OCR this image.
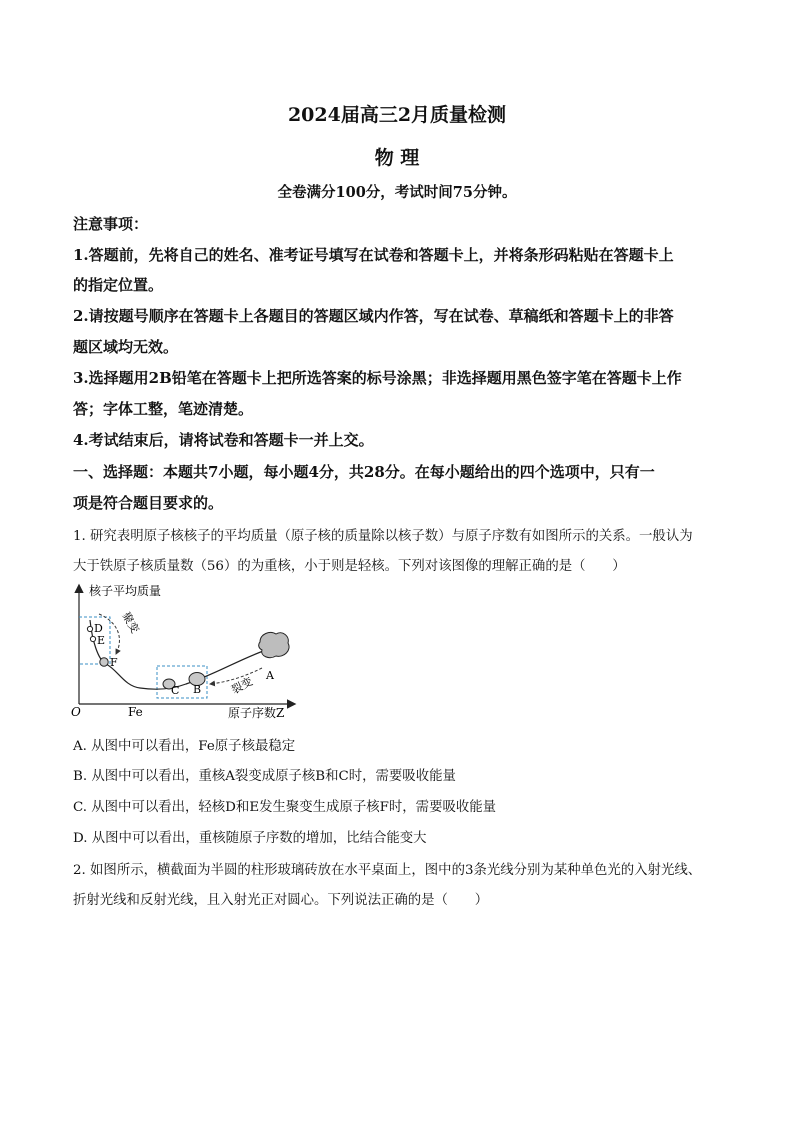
2024届高三2月质量检测
物 理
全卷满分100分，考试时间75分钟。
注意事项：
1.答题前，先将自己的姓名、准考证号填写在试卷和答题卡上，并将条形码粘贴在答题卡上
的指定位置。
2.请按题号顺序在答题卡上各题目的答题区域内作答，写在试卷、草稿纸和答题卡上的非答
题区域均无效。
3.选择题用2B铅笔在答题卡上把所选答案的标号涂黑；非选择题用黑色签字笔在答题卡上作
答；字体工整，笔迹清楚。
4.考试结束后，请将试卷和答题卡一并上交。
一、选择题：本题共7小题，每小题4分，共28分。在每小题给出的四个选项中，只有一
项是符合题目要求的。
1. 研究表明原子核核子的平均质量（原子核的质量除以核子数）与原子序数有如图所示的关系。一般认为
大于铁原子核质量数（56）的为重核，小于则是轻核。下列对该图像的理解正确的是（　　）
核子平均质量
原子序数Z
O	Fe
D
E
F
C B
A
聚变
裂变
A. 从图中可以看出，Fe原子核最稳定
B. 从图中可以看出，重核A裂变成原子核B和C时，需要吸收能量
C. 从图中可以看出，轻核D和E发生聚变生成原子核F时，需要吸收能量
D. 从图中可以看出，重核随原子序数的增加，比结合能变大
2. 如图所示，横截面为半圆的柱形玻璃砖放在水平桌面上，图中的3条光线分别为某种单色光的入射光线、
折射光线和反射光线，且入射光正对圆心。下列说法正确的是（　　）
